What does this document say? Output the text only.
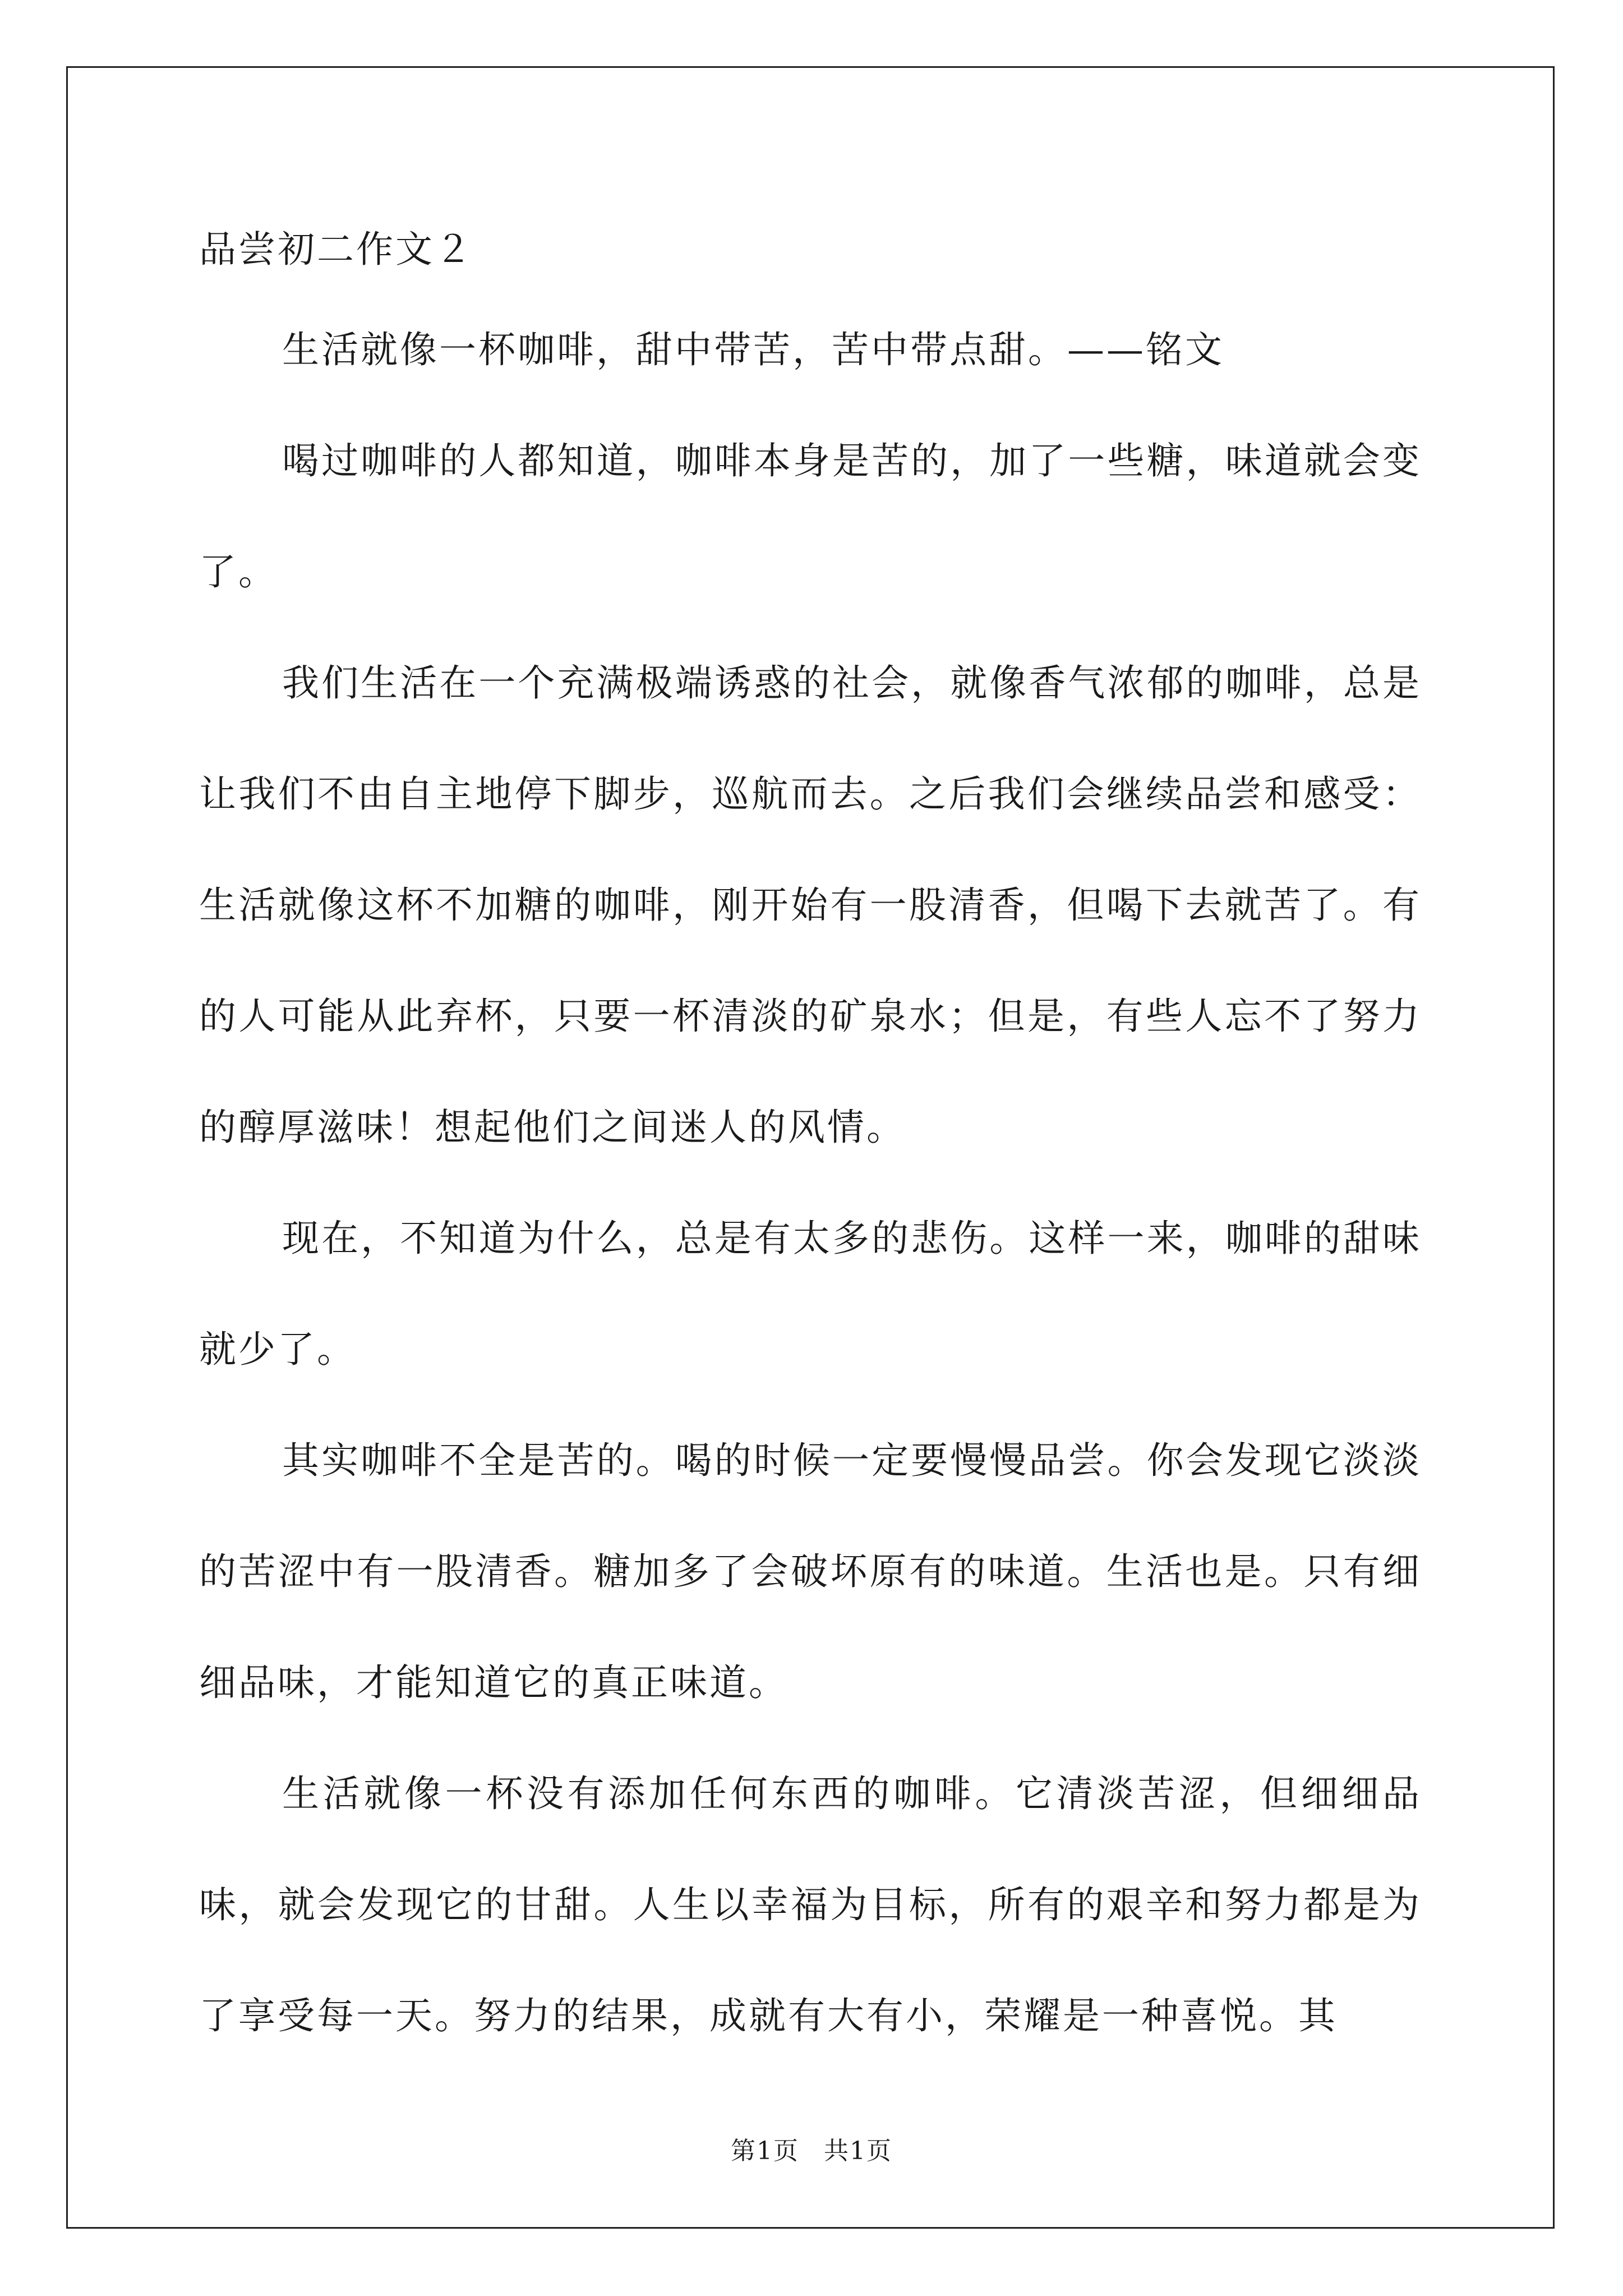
品尝初二作文２

生活就像一杯咖啡，甜中带苦，苦中带点甜。——铭文

喝过咖啡的人都知道，咖啡本身是苦的，加了一些糖，味道就会变了。

我们生活在一个充满极端诱惑的社会，就像香气浓郁的咖啡，总是让我们不由自主地停下脚步，巡航而去。之后我们会继续品尝和感受：生活就像这杯不加糖的咖啡，刚开始有一股清香，但喝下去就苦了。有的人可能从此弃杯，只要一杯清淡的矿泉水；但是，有些人忘不了努力的醇厚滋味！想起他们之间迷人的风情。

现在，不知道为什么，总是有太多的悲伤。这样一来，咖啡的甜味就少了。

其实咖啡不全是苦的。喝的时候一定要慢慢品尝。你会发现它淡淡的苦涩中有一股清香。糖加多了会破坏原有的味道。生活也是。只有细细品味，才能知道它的真正味道。

生活就像一杯没有添加任何东西的咖啡。它清淡苦涩，但细细品味，就会发现它的甘甜。人生以幸福为目标，所有的艰辛和努力都是为了享受每一天。努力的结果，成就有大有小，荣耀是一种喜悦。其

第1页 共1页
